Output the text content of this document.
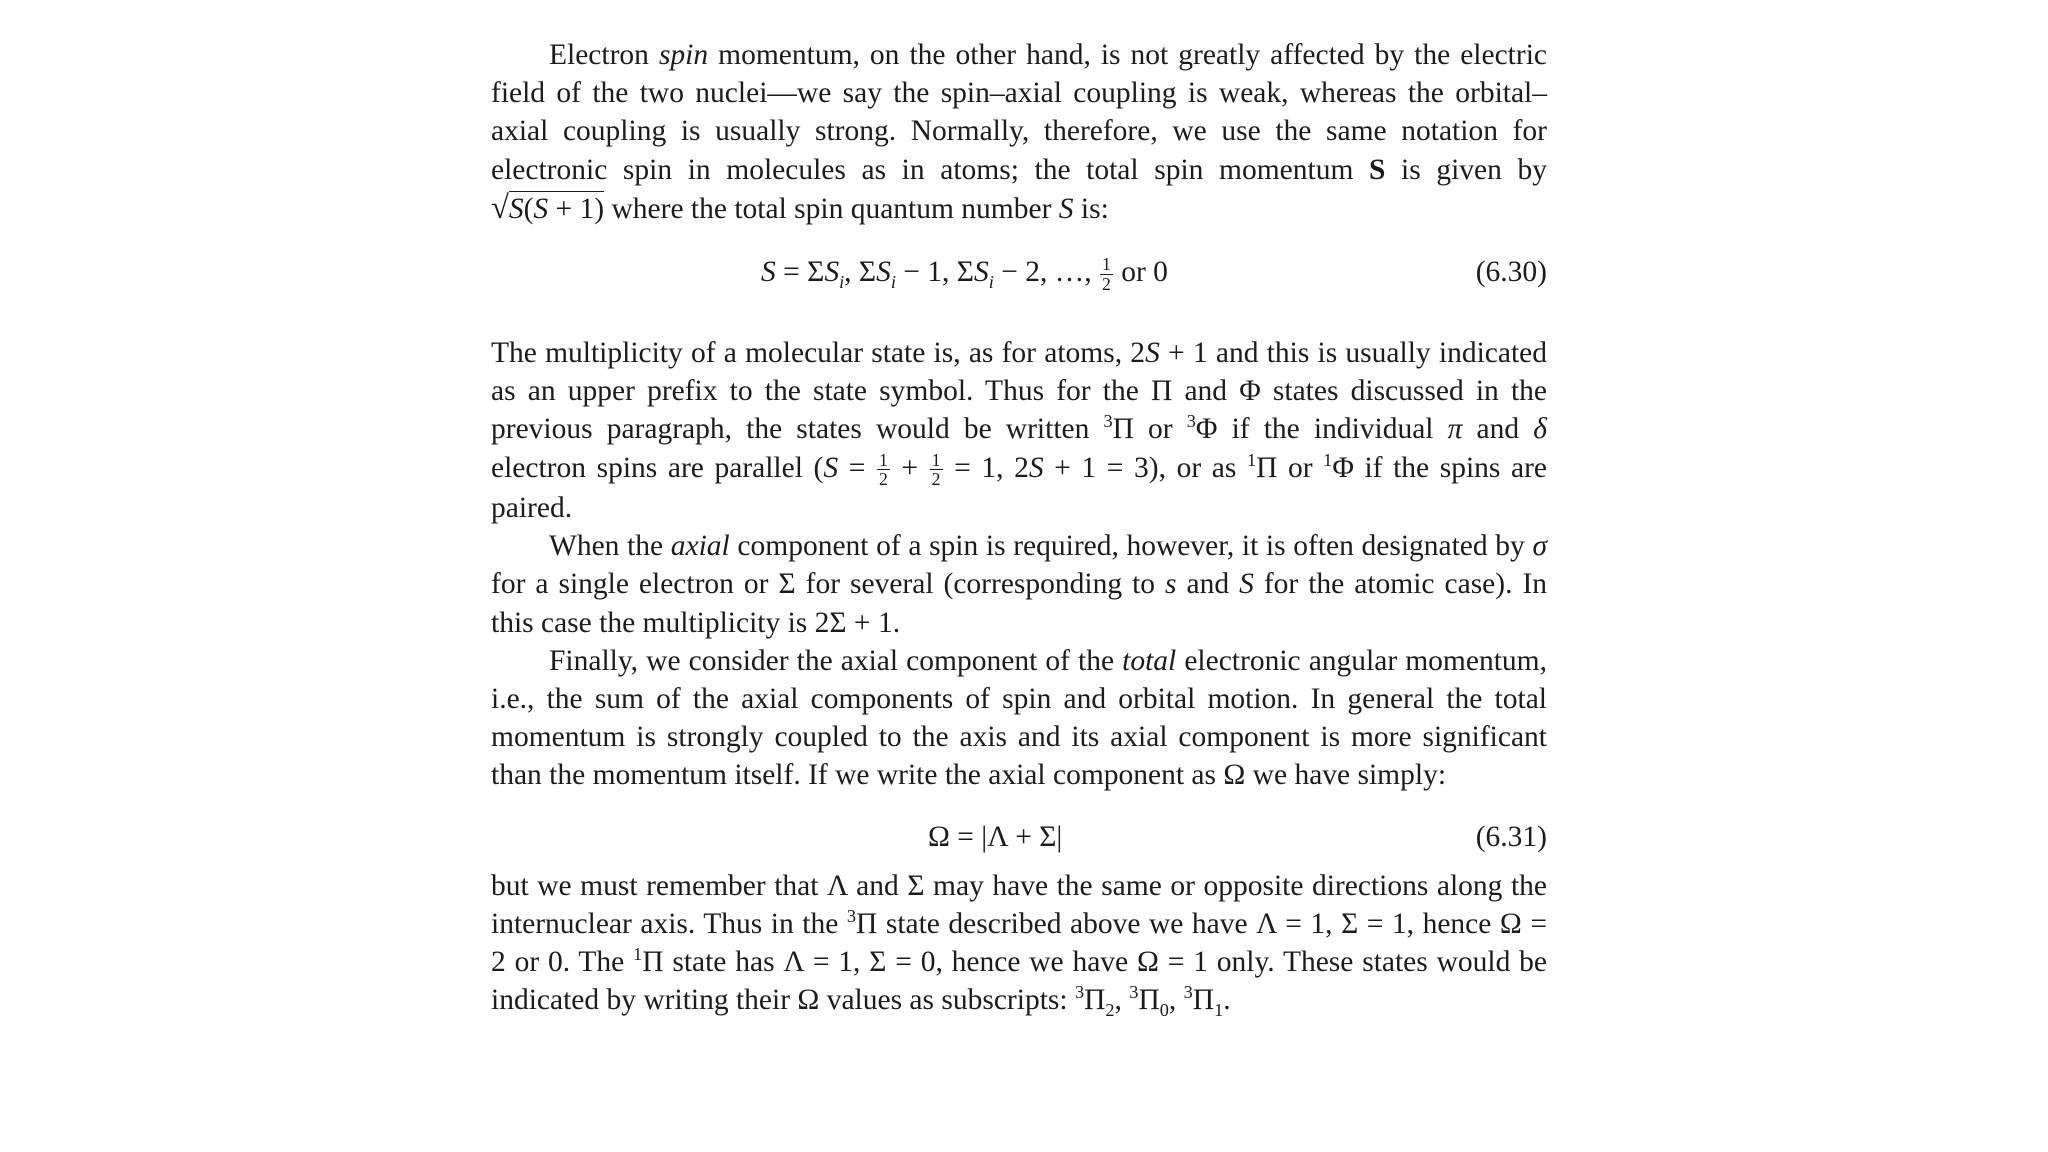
Electron spin momentum, on the other hand, is not greatly affected by the electric field of the two nuclei—we say the spin–axial coupling is weak, whereas the orbital–axial coupling is usually strong. Normally, therefore, we use the same notation for electronic spin in molecules as in atoms; the total spin momentum S is given by √S(S + 1) where the total spin quantum number S is:

$S = \Sigma S_i$, $\Sigma S_i - 1$, $\Sigma S_i - 2$, …, $\frac{1}{2}$ or 0	(6.30)

The multiplicity of a molecular state is, as for atoms, 2S + 1 and this is usually indicated as an upper prefix to the state symbol. Thus for the Π and Φ states discussed in the previous paragraph, the states would be written $^3$Π or $^3$Φ if the individual π and δ electron spins are parallel ($S = \frac{1}{2} + \frac{1}{2} = 1$, 2S + 1 = 3), or as $^1$Π or $^1$Φ if the spins are paired.

When the axial component of a spin is required, however, it is often designated by σ for a single electron or Σ for several (corresponding to s and S for the atomic case). In this case the multiplicity is 2Σ + 1.

Finally, we consider the axial component of the total electronic angular momentum, i.e., the sum of the axial components of spin and orbital motion. In general the total momentum is strongly coupled to the axis and its axial component is more significant than the momentum itself. If we write the axial component as Ω we have simply:

Ω = |Λ + Σ|	(6.31)

but we must remember that Λ and Σ may have the same or opposite directions along the internuclear axis. Thus in the $^3$Π state described above we have Λ = 1, Σ = 1, hence Ω = 2 or 0. The $^1$Π state has Λ = 1, Σ = 0, hence we have Ω = 1 only. These states would be indicated by writing their Ω values as subscripts: $^3\Pi_2$, $^3\Pi_0$, $^3\Pi_1$.
